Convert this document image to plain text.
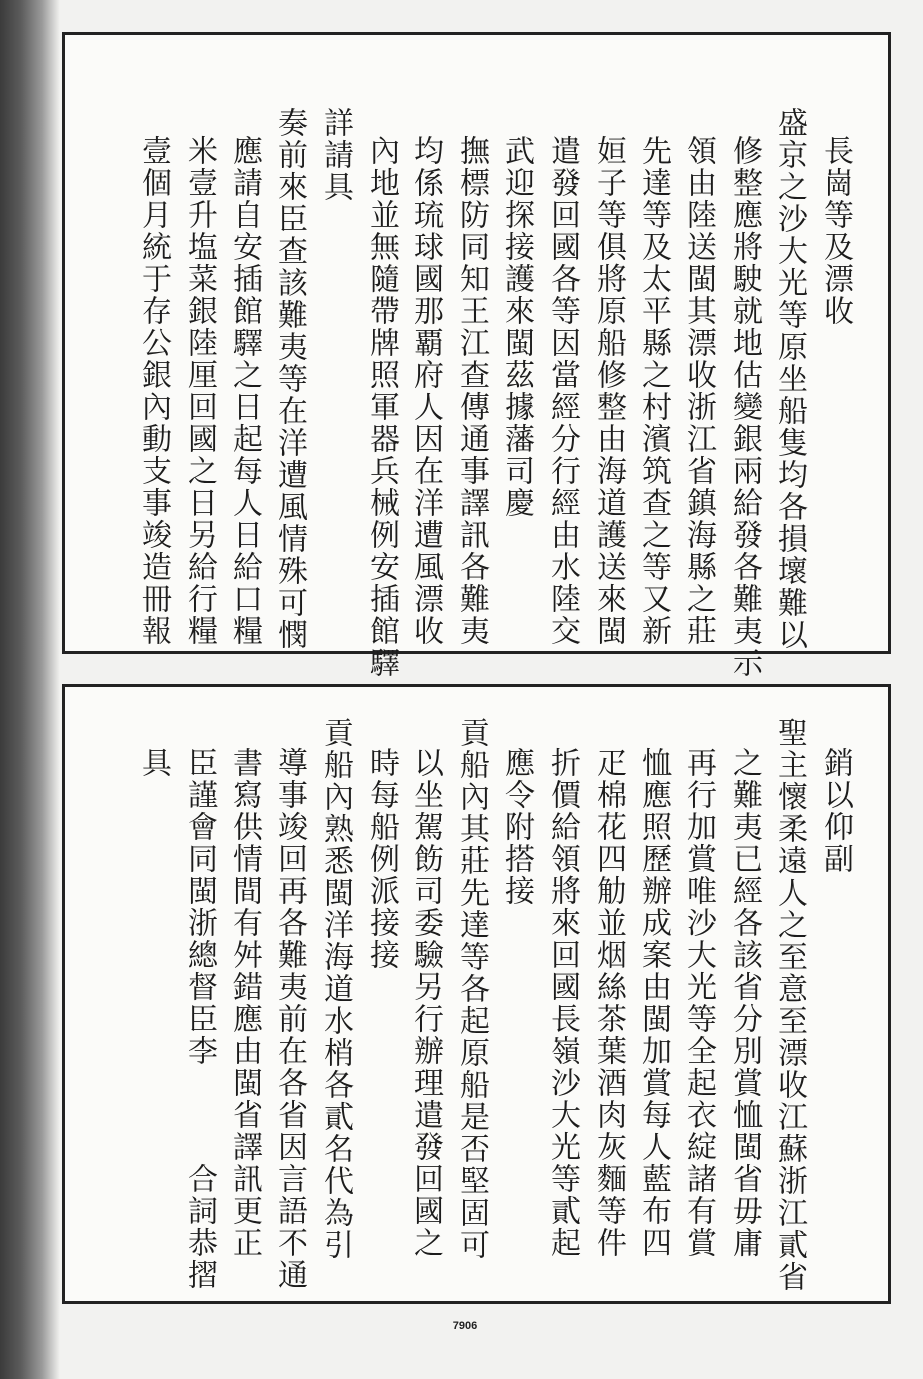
長崗等及漂收
盛京之沙大光等原坐船隻均各損壞難以
修整應將駛就地估變銀兩給發各難夷示
領由陸送閩其漂收浙江省鎮海縣之莊
先達等及太平縣之村濱筑查之等又新
姮子等俱將原船修整由海道護送來閩
遣發回國各等因當經分行經由水陸交
武迎探接護來閩茲據藩司慶
撫標防同知王江查傳通事譯訊各難夷
均係琉球國那覇府人因在洋遭風漂收
內地並無隨帶牌照軍器兵械例安插館驛
詳請具
奏前來臣查該難夷等在洋遭風情殊可憫
應請自安插館驛之日起每人日給口糧
米壹升塩菜銀陸厘回國之日另給行糧
壹個月統于存公銀內動支事竣造冊報
銷以仰副
聖主懷柔遠人之至意至漂收江蘇浙江貳省
之難夷已經各該省分別賞恤閩省毋庸
再行加賞唯沙大光等全起衣綻諸有賞
恤應照歷辦成案由閩加賞每人藍布四
疋棉花四觔並烟絲茶葉酒肉灰麵等件
折價給領將來回國長嶺沙大光等貳起
應令附搭接
貢船內其莊先達等各起原船是否堅固可
以坐駕飭司委驗另行辦理遣發回國之
時每船例派接接
貢船內熟悉閩洋海道水梢各貳名代為引
導事竣回再各難夷前在各省因言語不通
書寫供情間有舛錯應由閩省譯訊更正
臣謹會同閩浙總督臣李　　　合詞恭摺
具
7906
